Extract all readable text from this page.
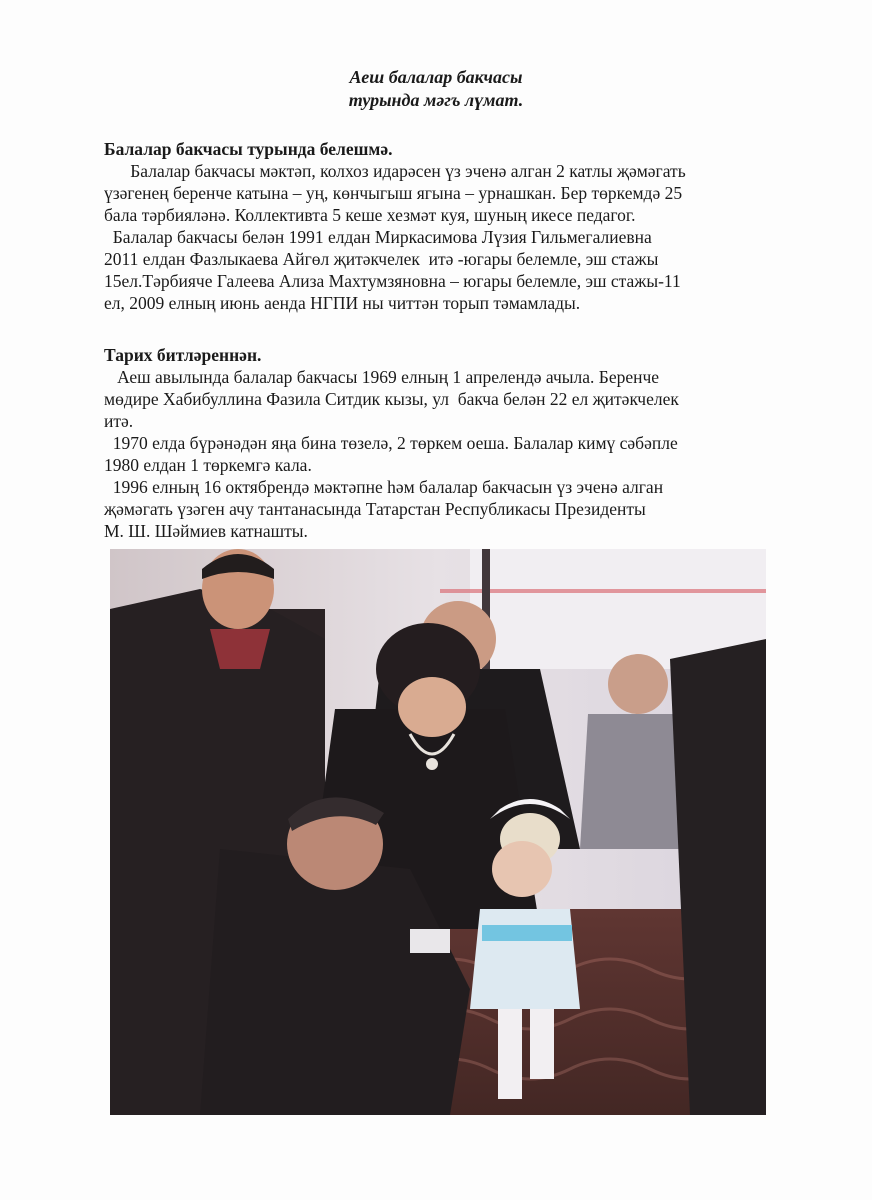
Аеш балалар бакчасы
турында мәгъ лүмат.

Балалар бакчасы турында белешмә.

Балалар бакчасы мәктәп, колхоз идарәсен үз эченә алган 2 катлы җәмәгать

үзәгенең беренче катына – уң, көнчыгыш ягына – урнашкан. Бер төркемдә 25

бала тәрбияләнә. Коллективта 5 кеше хезмәт куя, шуның икесе педагог.

Балалар бакчасы белән 1991 елдан Миркасимова Лүзия Гильмегалиевна

2011 елдан Фазлыкаева Айгөл җитәкчелек  итә -югары белемле, эш стажы

15ел.Тәрбияче Галеева Ализа Махтумзяновна – югары белемле, эш стажы-11

ел, 2009 елның июнь аенда НГПИ ны читтән торып тәмамлады.

Тарих битләреннән.

Аеш авылында балалар бакчасы 1969 елның 1 апрелендә ачыла. Беренче

мөдире Хабибуллина Фазила Ситдик кызы, ул  бакча белән 22 ел җитәкчелек

итә.

1970 елда бүрәнәдән яңа бина төзелә, 2 төркем оеша. Балалар кимү сәбәпле

1980 елдан 1 төркемгә кала.

1996 елның 16 октябрендә мәктәпне һәм балалар бакчасын үз эченә алган

җәмәгать үзәген ачу тантанасында Татарстан Республикасы Президенты

М. Ш. Шәймиев катнашты.
